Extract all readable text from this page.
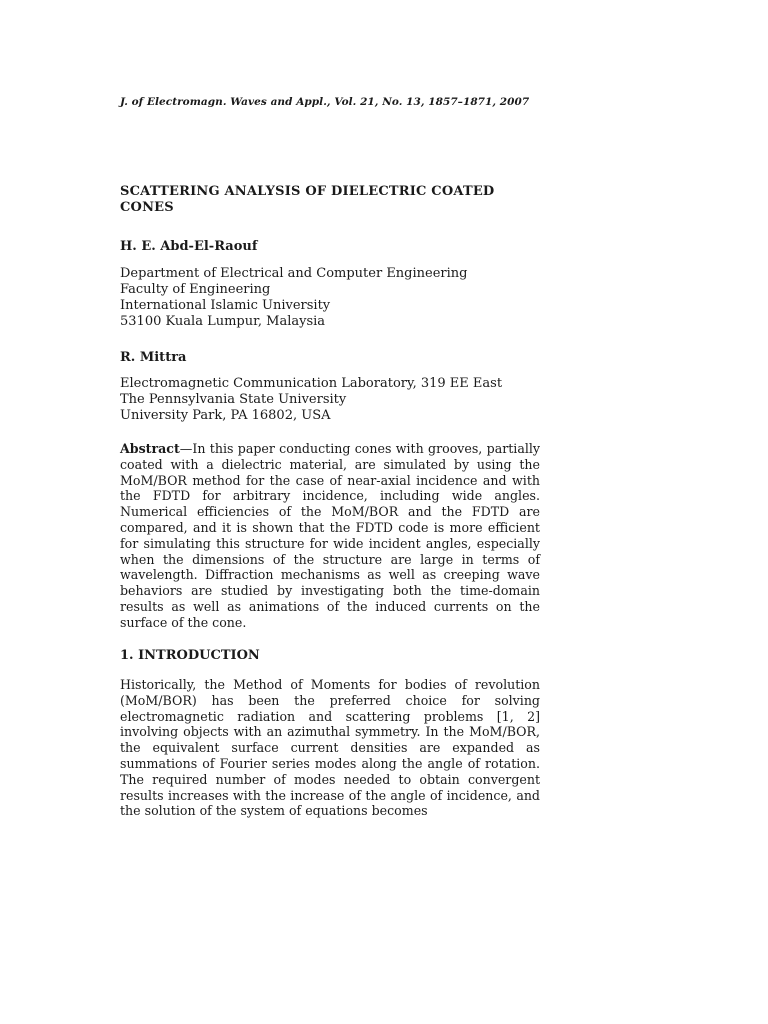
J. of Electromagn. Waves and Appl., Vol. 21, No. 13, 1857–1871, 2007
SCATTERING ANALYSIS OF DIELECTRIC COATED CONES
H. E. Abd-El-Raouf
Department of Electrical and Computer Engineering
Faculty of Engineering
International Islamic University
53100 Kuala Lumpur, Malaysia
R. Mittra
Electromagnetic Communication Laboratory, 319 EE East
The Pennsylvania State University
University Park, PA 16802, USA
Abstract—In this paper conducting cones with grooves, partially coated with a dielectric material, are simulated by using the MoM/BOR method for the case of near-axial incidence and with the FDTD for arbitrary incidence, including wide angles. Numerical efficiencies of the MoM/BOR and the FDTD are compared, and it is shown that the FDTD code is more efficient for simulating this structure for wide incident angles, especially when the dimensions of the structure are large in terms of wavelength. Diffraction mechanisms as well as creeping wave behaviors are studied by investigating both the time-domain results as well as animations of the induced currents on the surface of the cone.
1. INTRODUCTION
Historically, the Method of Moments for bodies of revolution (MoM/BOR) has been the preferred choice for solving electromagnetic radiation and scattering problems [1, 2] involving objects with an azimuthal symmetry. In the MoM/BOR, the equivalent surface current densities are expanded as summations of Fourier series modes along the angle of rotation. The required number of modes needed to obtain convergent results increases with the increase of the angle of incidence, and the solution of the system of equations becomes
